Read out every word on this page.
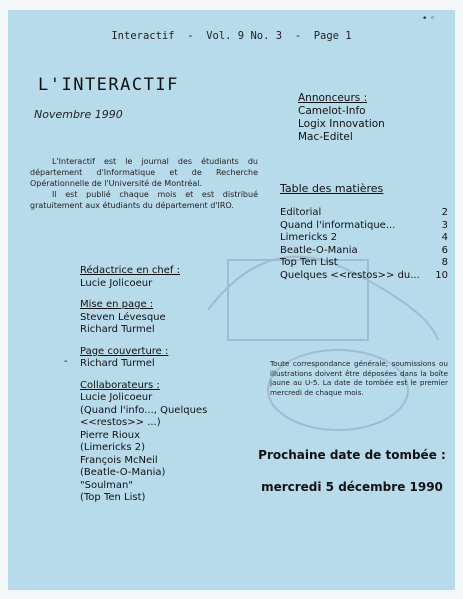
• ◦
Interactif  -  Vol. 9 No. 3 - Page 1
L'INTERACTIF
Novembre 1990
Annonceurs :
Camelot-Info
Logix Innovation
Mac-Editel

L'Interactif est le journal des étudiants du département d'Informatique et de Recherche Opérationnelle de l'Université de Montréal.

Il est publié chaque mois et est distribué gratuitement aux étudiants du département d'IRO.

Rédactrice en chef :
Lucie Jolicoeur
Mise en page :
Steven Lévesque
Richard Turmel
Page couverture :
Richard Turmel
Collaborateurs :
Lucie Jolicoeur
(Quand l'info..., Quelques
<<restos>> ...)
Pierre Rioux
(Limericks 2)
François McNeil
(Beatle-O-Mania)
"Soulman"
(Top Ten List)
-
Table des matières
Editorial	2
Quand l'informatique...	3
Limericks 2	4
Beatle-O-Mania	6
Top Ten List	8
Quelques <<restos>> du... 10
Toute correspondance générale, soumissions ou illustrations doivent être déposées dans la boîte jaune au U-5. La date de tombée est le premier mercredi de chaque mois.
Prochaine date de tombée :
mercredi 5 décembre 1990
